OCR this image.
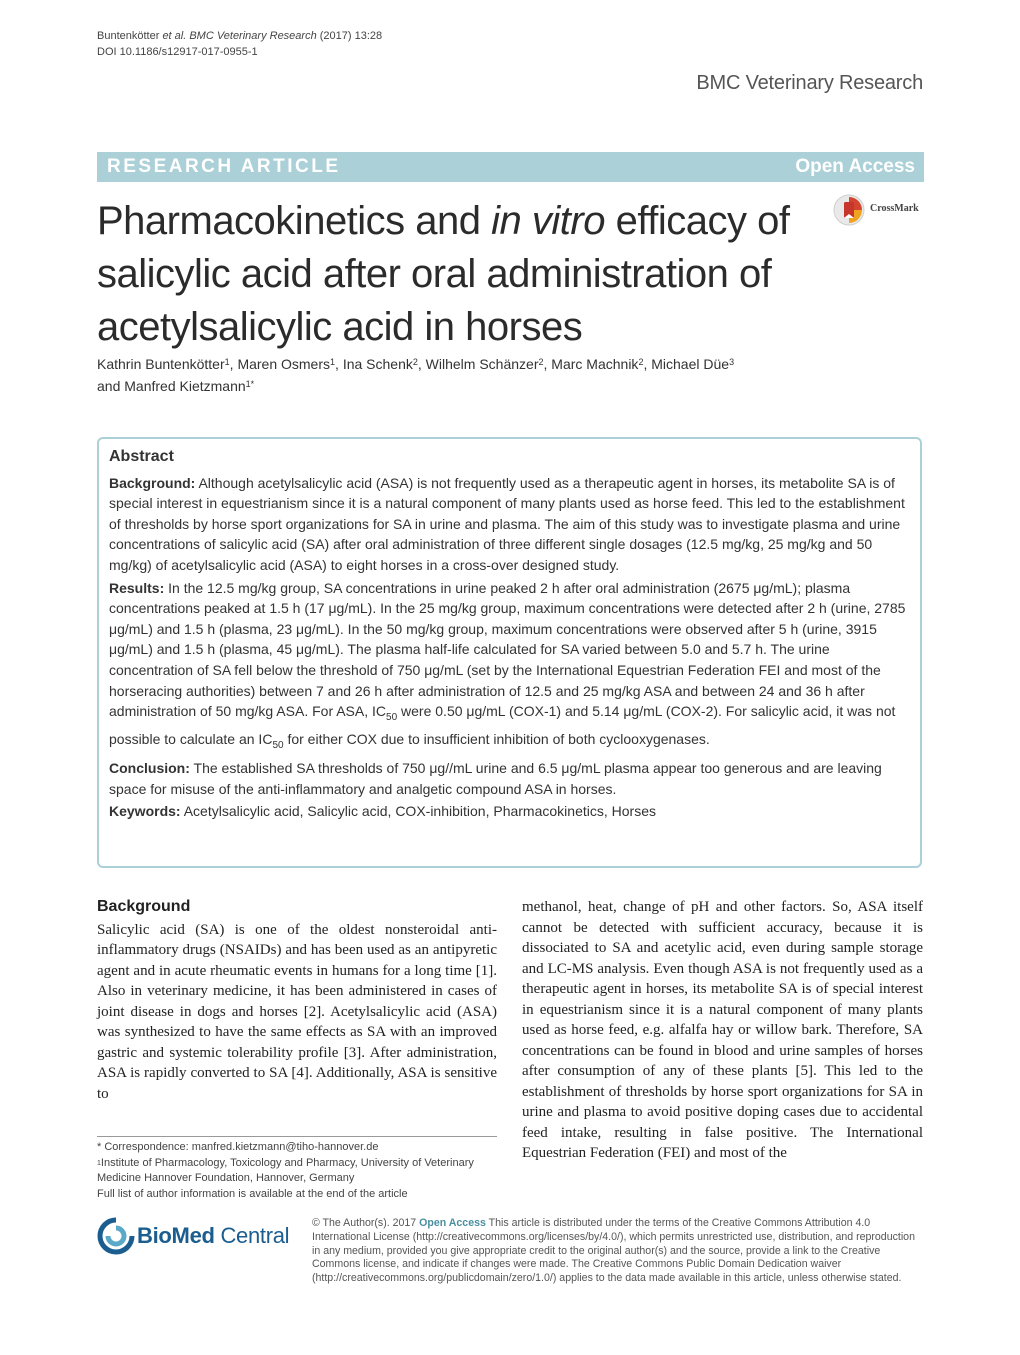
Buntenkötter et al. BMC Veterinary Research (2017) 13:28
DOI 10.1186/s12917-017-0955-1
BMC Veterinary Research
RESEARCH ARTICLE	Open Access
CrossMark
Pharmacokinetics and in vitro efficacy of salicylic acid after oral administration of acetylsalicylic acid in horses
Kathrin Buntenkötter$^1$, Maren Osmers$^1$, Ina Schenk$^2$, Wilhelm Schänzer$^2$, Marc Machnik$^2$, Michael Düe$^3$
and Manfred Kietzmann$^{1*}$
Abstract

Background: Although acetylsalicylic acid (ASA) is not frequently used as a therapeutic agent in horses, its metabolite SA is of special interest in equestrianism since it is a natural component of many plants used as horse feed. This led to the establishment of thresholds by horse sport organizations for SA in urine and plasma. The aim of this study was to investigate plasma and urine concentrations of salicylic acid (SA) after oral administration of three different single dosages (12.5 mg/kg, 25 mg/kg and 50 mg/kg) of acetylsalicylic acid (ASA) to eight horses in a cross-over designed study.

Results: In the 12.5 mg/kg group, SA concentrations in urine peaked 2 h after oral administration (2675 μg/mL); plasma concentrations peaked at 1.5 h (17 μg/mL). In the 25 mg/kg group, maximum concentrations were detected after 2 h (urine, 2785 μg/mL) and 1.5 h (plasma, 23 μg/mL). In the 50 mg/kg group, maximum concentrations were observed after 5 h (urine, 3915 μg/mL) and 1.5 h (plasma, 45 μg/mL). The plasma half-life calculated for SA varied between 5.0 and 5.7 h. The urine concentration of SA fell below the threshold of 750 μg/mL (set by the International Equestrian Federation FEI and most of the horseracing authorities) between 7 and 26 h after administration of 12.5 and 25 mg/kg ASA and between 24 and 36 h after administration of 50 mg/kg ASA. For ASA, $IC_{50}$ were 0.50 μg/mL (COX-1) and 5.14 μg/mL (COX-2). For salicylic acid, it was not possible to calculate an $IC_{50}$ for either COX due to insufficient inhibition of both cyclooxygenases.

Conclusion: The established SA thresholds of 750 μg//mL urine and 6.5 μg/mL plasma appear too generous and are leaving space for misuse of the anti-inflammatory and analgetic compound ASA in horses.

Keywords: Acetylsalicylic acid, Salicylic acid, COX-inhibition, Pharmacokinetics, Horses

Background
Salicylic acid (SA) is one of the oldest nonsteroidal anti-inflammatory drugs (NSAIDs) and has been used as an antipyretic agent and in acute rheumatic events in humans for a long time [1]. Also in veterinary medicine, it has been administered in cases of joint disease in dogs and horses [2]. Acetylsalicylic acid (ASA) was synthesized to have the same effects as SA with an improved gastric and systemic tolerability profile [3]. After administration, ASA is rapidly converted to SA [4]. Additionally, ASA is sensitive to
methanol, heat, change of pH and other factors. So, ASA itself cannot be detected with sufficient accuracy, because it is dissociated to SA and acetylic acid, even during sample storage and LC-MS analysis. Even though ASA is not frequently used as a therapeutic agent in horses, its metabolite SA is of special interest in equestrianism since it is a natural component of many plants used as horse feed, e.g. alfalfa hay or willow bark. Therefore, SA concentrations can be found in blood and urine samples of horses after consumption of any of these plants [5]. This led to the establishment of thresholds by horse sport organizations for SA in urine and plasma to avoid positive doping cases due to accidental feed intake, resulting in false positive. The International Equestrian Federation (FEI) and most of the
* Correspondence: manfred.kietzmann@tiho-hannover.de
$^1$Institute of Pharmacology, Toxicology and Pharmacy, University of Veterinary Medicine Hannover Foundation, Hannover, Germany
Full list of author information is available at the end of the article
BioMed Central © The Author(s). 2017 Open Access This article is distributed under the terms of the Creative Commons Attribution 4.0 International License (http://creativecommons.org/licenses/by/4.0/), which permits unrestricted use, distribution, and reproduction in any medium, provided you give appropriate credit to the original author(s) and the source, provide a link to the Creative Commons license, and indicate if changes were made. The Creative Commons Public Domain Dedication waiver (http://creativecommons.org/publicdomain/zero/1.0/) applies to the data made available in this article, unless otherwise stated.
